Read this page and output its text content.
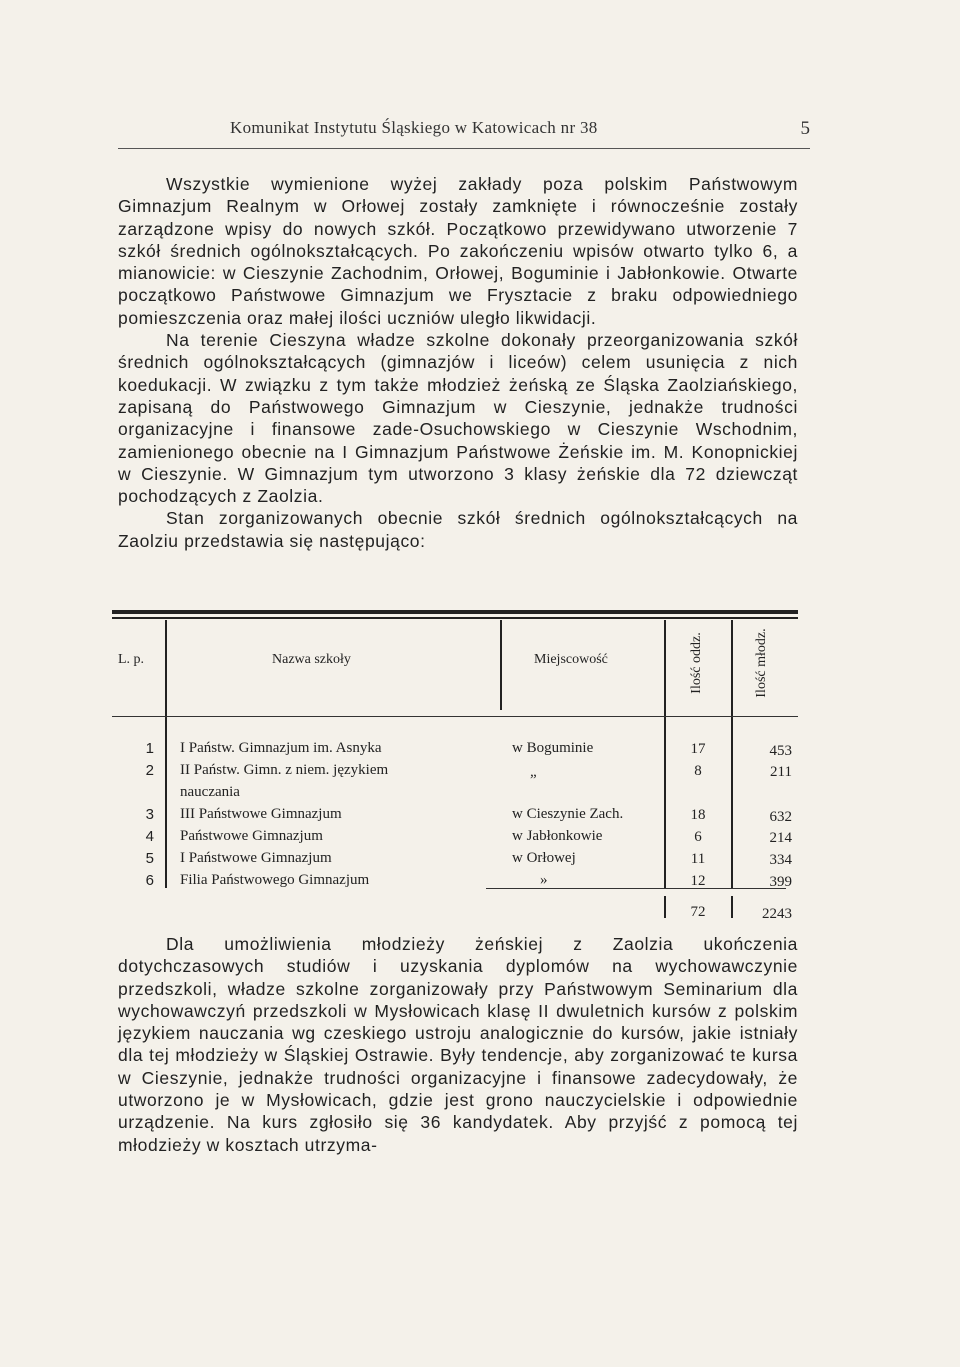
Komunikat Instytutu Śląskiego w Katowicach nr 38	5

Wszystkie wymienione wyżej zakłady poza polskim Państwowym Gimnazjum Realnym w Orłowej zostały zamknięte i równocześnie zostały zarządzone wpisy do nowych szkół. Początkowo przewidywano utworzenie 7 szkół średnich ogólnokształcących. Po zakończeniu wpisów otwarto tylko 6, a mianowicie: w Cieszynie Zachodnim, Orłowej, Boguminie i Jabłonkowie. Otwarte początkowo Państwowe Gimnazjum we Frysztacie z braku odpowiedniego pomieszczenia oraz małej ilości uczniów uległo likwidacji.

Na terenie Cieszyna władze szkolne dokonały przeorganizowania szkół średnich ogólnokształcących (gimnazjów i liceów) celem usunięcia z nich koedukacji. W związku z tym także młodzież żeńską ze Śląska Zaolziańskiego, zapisaną do Państwowego Gimnazjum w Cieszynie, jednakże trudności organizacyjne i finansowe zade-Osuchowskiego w Cieszynie Wschodnim, zamienionego obecnie na I Gimnazjum Państwowe Żeńskie im. M. Konopnickiej w Cieszynie. W Gimnazjum tym utworzono 3 klasy żeńskie dla 72 dziewcząt pochodzących z Zaolzia.

Stan zorganizowanych obecnie szkół średnich ogólnokształcących na Zaolziu przedstawia się następująco:

L. p.	Nazwa szkoły	Miejscowość	Ilość oddz.	Ilość młodz.
1 I Państw. Gimnazjum im. Asnyka	w Boguminie	17	453
2 II Państw. Gimn. z niem. językiem
nauczania
„	8	211
3 III Państwowe Gimnazjum	w Cieszynie Zach.	18	632
4 Państwowe Gimnazjum	w Jabłonkowie	6	214
5 I Państwowe Gimnazjum	w Orłowej	11	334
6 Filia Państwowego Gimnazjum	»	12	399
72	2243

Dla umożliwienia młodzieży żeńskiej z Zaolzia ukończenia dotychczasowych studiów i uzyskania dyplomów na wychowawczynie przedszkoli, władze szkolne zorganizowały przy Państwowym Seminarium dla wychowawczyń przedszkoli w Mysłowicach klasę II dwuletnich kursów z polskim językiem nauczania wg czeskiego ustroju analogicznie do kursów, jakie istniały dla tej młodzieży w Śląskiej Ostrawie. Były tendencje, aby zorganizować te kursa w Cieszynie, jednakże trudności organizacyjne i finansowe zadecydowały, że utworzono je w Mysłowicach, gdzie jest grono nauczycielskie i odpowiednie urządzenie. Na kurs zgłosiło się 36 kandydatek. Aby przyjść z pomocą tej młodzieży w kosztach utrzyma-
